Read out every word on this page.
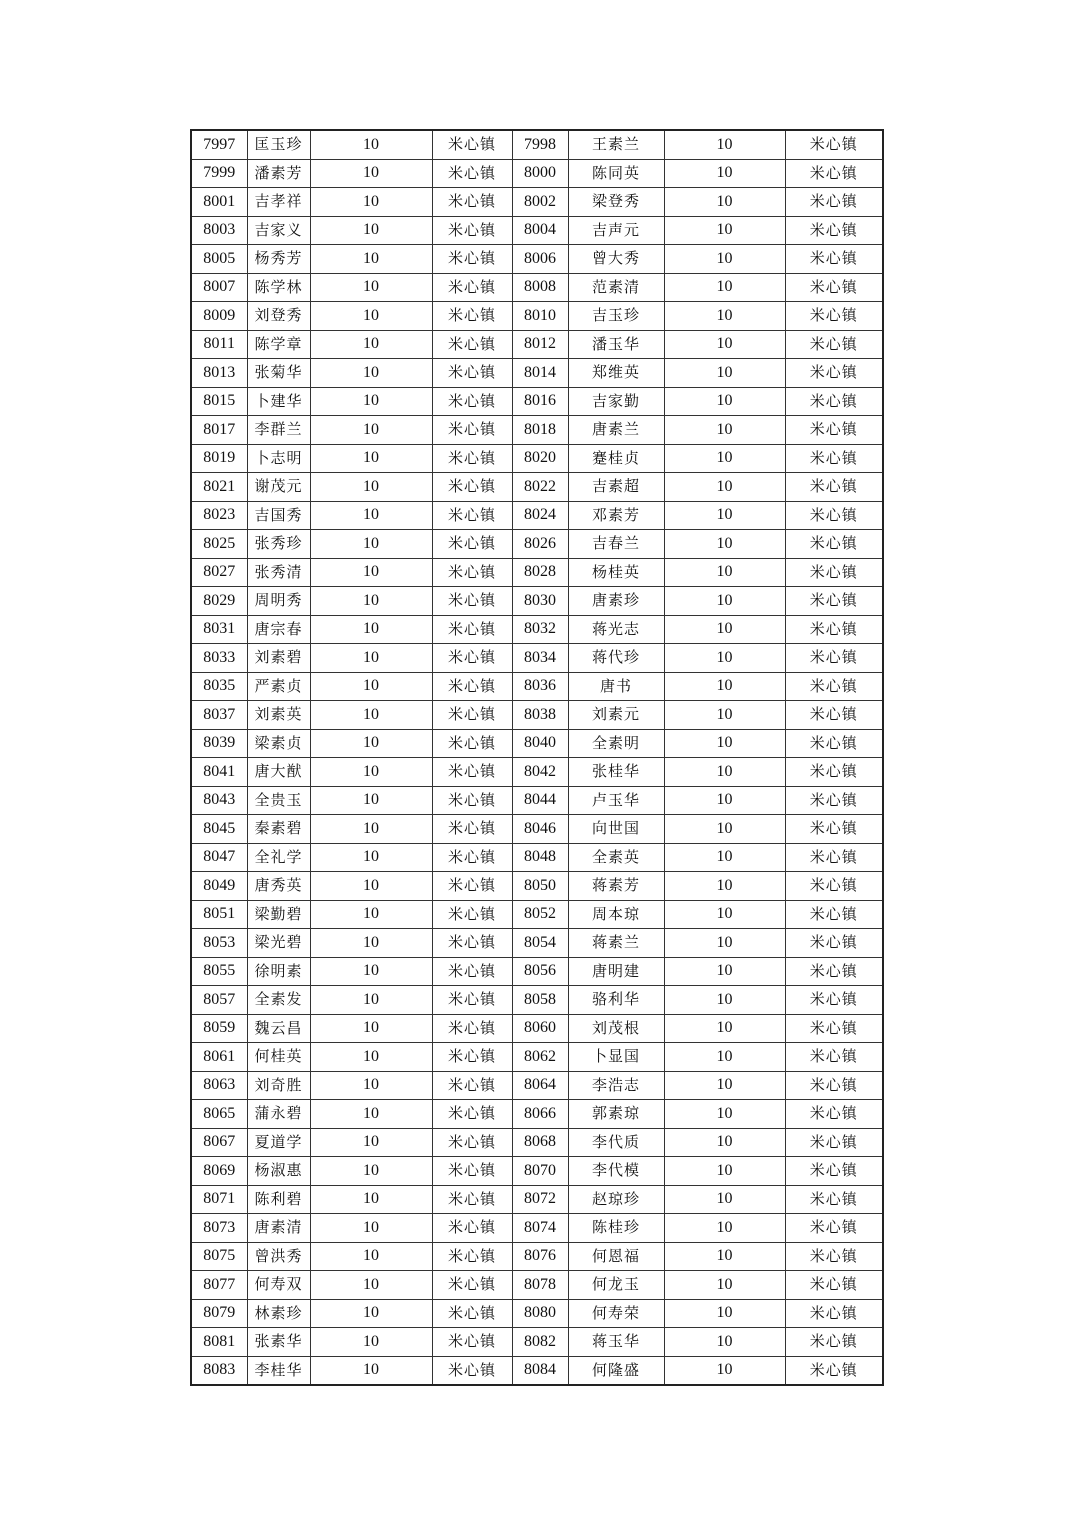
7997	匡玉珍	10	米心镇	7998	王素兰	10	米心镇
7999	潘素芳	10	米心镇	8000	陈同英	10	米心镇
8001	吉孝祥	10	米心镇	8002	梁登秀	10	米心镇
8003	吉家义	10	米心镇	8004	吉声元	10	米心镇
8005	杨秀芳	10	米心镇	8006	曾大秀	10	米心镇
8007	陈学林	10	米心镇	8008	范素清	10	米心镇
8009	刘登秀	10	米心镇	8010	吉玉珍	10	米心镇
8011	陈学章	10	米心镇	8012	潘玉华	10	米心镇
8013	张菊华	10	米心镇	8014	郑维英	10	米心镇
8015	卜建华	10	米心镇	8016	吉家勤	10	米心镇
8017	李群兰	10	米心镇	8018	唐素兰	10	米心镇
8019	卜志明	10	米心镇	8020	蹇桂贞	10	米心镇
8021	谢茂元	10	米心镇	8022	吉素超	10	米心镇
8023	吉国秀	10	米心镇	8024	邓素芳	10	米心镇
8025	张秀珍	10	米心镇	8026	吉春兰	10	米心镇
8027	张秀清	10	米心镇	8028	杨桂英	10	米心镇
8029	周明秀	10	米心镇	8030	唐素珍	10	米心镇
8031	唐宗春	10	米心镇	8032	蒋光志	10	米心镇
8033	刘素碧	10	米心镇	8034	蒋代珍	10	米心镇
8035	严素贞	10	米心镇	8036	唐书	10	米心镇
8037	刘素英	10	米心镇	8038	刘素元	10	米心镇
8039	梁素贞	10	米心镇	8040	全素明	10	米心镇
8041	唐大猷	10	米心镇	8042	张桂华	10	米心镇
8043	全贵玉	10	米心镇	8044	卢玉华	10	米心镇
8045	秦素碧	10	米心镇	8046	向世国	10	米心镇
8047	全礼学	10	米心镇	8048	全素英	10	米心镇
8049	唐秀英	10	米心镇	8050	蒋素芳	10	米心镇
8051	梁勤碧	10	米心镇	8052	周本琼	10	米心镇
8053	梁光碧	10	米心镇	8054	蒋素兰	10	米心镇
8055	徐明素	10	米心镇	8056	唐明建	10	米心镇
8057	全素发	10	米心镇	8058	骆利华	10	米心镇
8059	魏云昌	10	米心镇	8060	刘茂根	10	米心镇
8061	何桂英	10	米心镇	8062	卜显国	10	米心镇
8063	刘奇胜	10	米心镇	8064	李浩志	10	米心镇
8065	蒲永碧	10	米心镇	8066	郭素琼	10	米心镇
8067	夏道学	10	米心镇	8068	李代质	10	米心镇
8069	杨淑惠	10	米心镇	8070	李代模	10	米心镇
8071	陈利碧	10	米心镇	8072	赵琼珍	10	米心镇
8073	唐素清	10	米心镇	8074	陈桂珍	10	米心镇
8075	曾洪秀	10	米心镇	8076	何恩福	10	米心镇
8077	何寿双	10	米心镇	8078	何龙玉	10	米心镇
8079	林素珍	10	米心镇	8080	何寿荣	10	米心镇
8081	张素华	10	米心镇	8082	蒋玉华	10	米心镇
8083	李桂华	10	米心镇	8084	何隆盛	10	米心镇
